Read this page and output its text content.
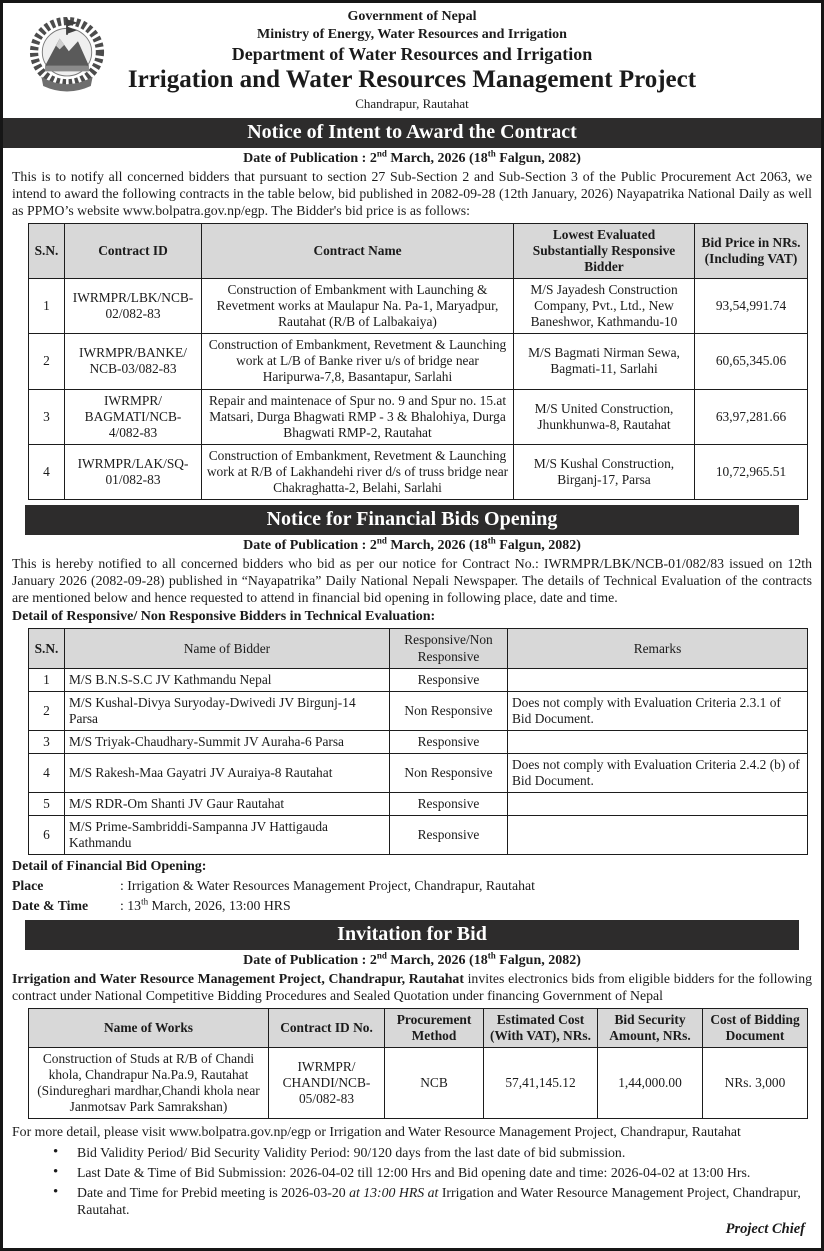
Government of Nepal
Ministry of Energy, Water Resources and Irrigation
Department of Water Resources and Irrigation
Irrigation and Water Resources Management Project
Chandrapur, Rautahat
Notice of Intent to Award the Contract
Date of Publication : 2nd March, 2026 (18th Falgun, 2082)

This is to notify all concerned bidders that pursuant to section 27 Sub-Section 2 and Sub-Section 3 of the Public Procurement Act 2063, we intend to award the following contracts in the table below, bid published in 2082-09-28 (12th January, 2026) Nayapatrika National Daily as well as PPMO’s website www.bolpatra.gov.np/egp. The Bidder's bid price is as follows:

S.N.	Contract ID	Contract Name	Lowest Evaluated Substantially Responsive Bidder	Bid Price in NRs. (Including VAT)
1	IWRMPR/LBK/NCB-02/082-83	Construction of Embankment with Launching & Revetment works at Maulapur Na. Pa-1, Maryadpur, Rautahat (R/B of Lalbakaiya)	M/S Jayadesh Construction Company, Pvt., Ltd., New Baneshwor, Kathmandu-10	93,54,991.74
2	IWRMPR/BANKE/ NCB-03/082-83	Construction of Embankment, Revetment & Launching work at L/B of Banke river u/s of bridge near Haripurwa-7,8, Basantapur, Sarlahi	M/S Bagmati Nirman Sewa, Bagmati-11, Sarlahi	60,65,345.06
3	IWRMPR/ BAGMATI/NCB-4/082-83	Repair and maintenace of Spur no. 9 and Spur no. 15.at Matsari, Durga Bhagwati RMP - 3 & Bhalohiya, Durga Bhagwati RMP-2, Rautahat	M/S United Construction, Jhunkhunwa-8, Rautahat	63,97,281.66
4	IWRMPR/LAK/SQ-01/082-83	Construction of Embankment, Revetment & Launching work at R/B of Lakhandehi river d/s of truss bridge near Chakraghatta-2, Belahi, Sarlahi	M/S Kushal Construction, Birganj-17, Parsa	10,72,965.51
Notice for Financial Bids Opening
Date of Publication : 2nd March, 2026 (18th Falgun, 2082)

This is hereby notified to all concerned bidders who bid as per our notice for Contract No.: IWRMPR/LBK/NCB-01/082/83 issued on 12th January 2026 (2082-09-28) published in “Nayapatrika” Daily National Nepali Newspaper. The details of Technical Evaluation of the contracts are mentioned below and hence requested to attend in financial bid opening in following place, date and time.

Detail of Responsive/ Non Responsive Bidders in Technical Evaluation:
S.N.	Name of Bidder	Responsive/Non Responsive	Remarks
1	M/S B.N.S-S.C JV Kathmandu Nepal	Responsive	
2	M/S Kushal-Divya Suryoday-Dwivedi JV Birgunj-14 Parsa	Non Responsive	Does not comply with Evaluation Criteria 2.3.1 of Bid Document.
3	M/S Triyak-Chaudhary-Summit JV Auraha-6 Parsa	Responsive	
4	M/S Rakesh-Maa Gayatri JV Auraiya-8 Rautahat	Non Responsive	Does not comply with Evaluation Criteria 2.4.2 (b) of Bid Document.
5	M/S RDR-Om Shanti JV Gaur Rautahat	Responsive	
6	M/S Prime-Sambriddi-Sampanna JV Hattigauda Kathmandu	Responsive	
Detail of Financial Bid Opening:
Place	: Irrigation & Water Resources Management Project, Chandrapur, Rautahat
Date & Time : 13th March, 2026, 13:00 HRS
Invitation for Bid
Date of Publication : 2nd March, 2026 (18th Falgun, 2082)

Irrigation and Water Resource Management Project, Chandrapur, Rautahat invites electronics bids from eligible bidders for the following contract under National Competitive Bidding Procedures and Sealed Quotation under financing Government of Nepal

Name of Works	Contract ID No.	Procurement Method	Estimated Cost (With VAT), NRs.	Bid Security Amount, NRs.	Cost of Bidding Document
Construction of Studs at R/B of Chandi khola, Chandrapur Na.Pa.9, Rautahat (Sindureghari mardhar,Chandi khola near Janmotsav Park Samrakshan)	IWRMPR/ CHANDI/NCB-05/082-83	NCB	57,41,145.12	1,44,000.00	NRs. 3,000

For more detail, please visit www.bolpatra.gov.np/egp or Irrigation and Water Resource Management Project, Chandrapur, Rautahat

• Bid Validity Period/ Bid Security Validity Period: 90/120 days from the last date of bid submission.
• Last Date & Time of Bid Submission: 2026-04-02 till 12:00 Hrs and Bid opening date and time: 2026-04-02 at 13:00 Hrs.
• Date and Time for Prebid meeting is 2026-03-20 at 13:00 HRS at Irrigation and Water Resource Management Project, Chandrapur, Rautahat.
Project Chief
